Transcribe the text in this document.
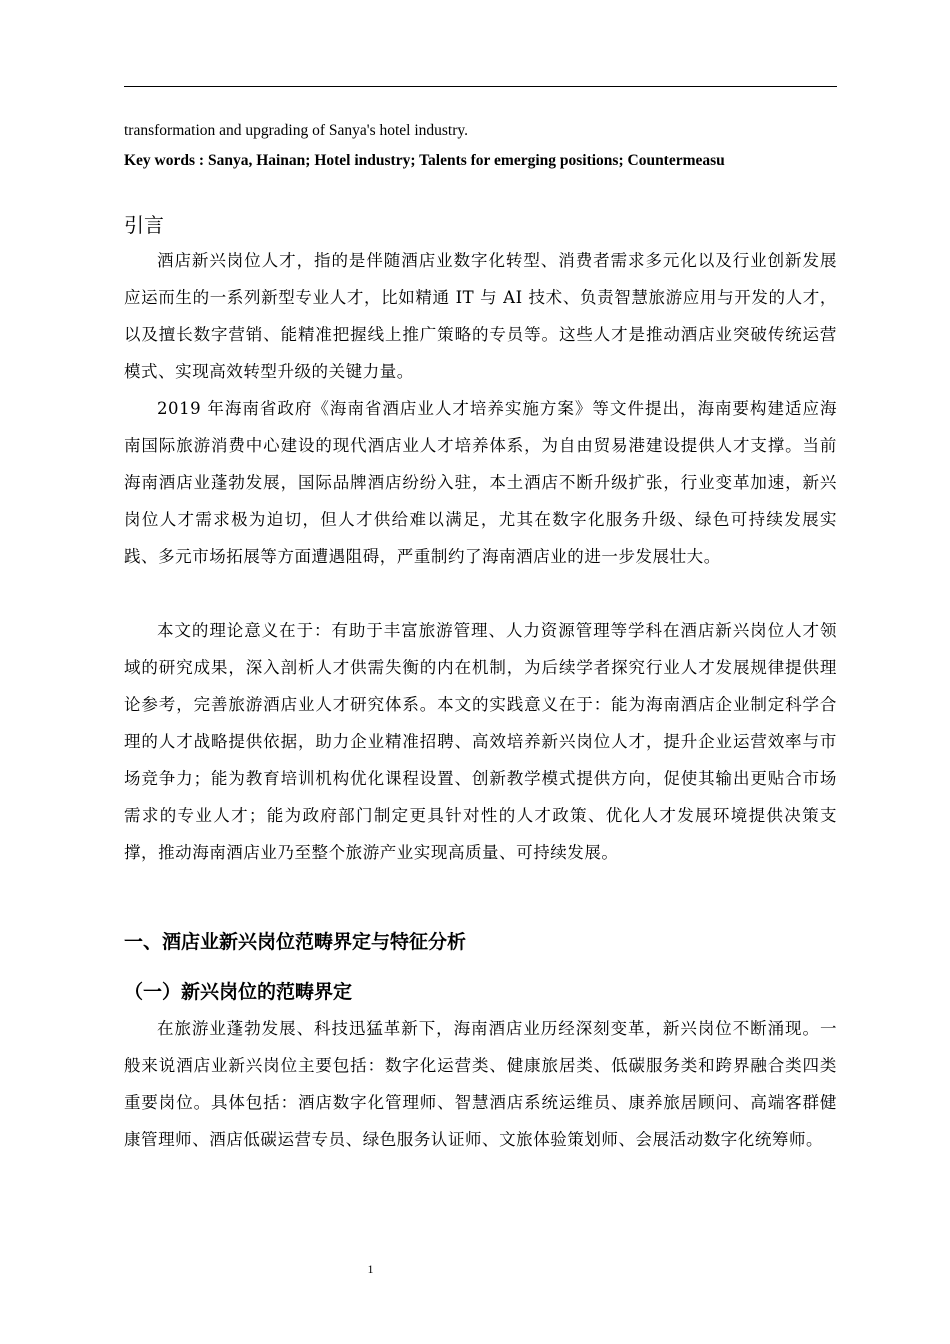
transformation and upgrading of Sanya's hotel industry.
Key words : Sanya, Hainan; Hotel industry; Talents for emerging positions; Countermeasu
引言

酒店新兴岗位人才，指的是伴随酒店业数字化转型、消费者需求多元化以及行业创新发展应运而生的一系列新型专业人才，比如精通 IT 与 AI 技术、负责智慧旅游应用与开发的人才，以及擅长数字营销、能精准把握线上推广策略的专员等。这些人才是推动酒店业突破传统运营模式、实现高效转型升级的关键力量。

2019 年海南省政府《海南省酒店业人才培养实施方案》等文件提出，海南要构建适应海南国际旅游消费中心建设的现代酒店业人才培养体系，为自由贸易港建设提供人才支撑。当前海南酒店业蓬勃发展，国际品牌酒店纷纷入驻，本土酒店不断升级扩张，行业变革加速，新兴岗位人才需求极为迫切，但人才供给难以满足，尤其在数字化服务升级、绿色可持续发展实践、多元市场拓展等方面遭遇阻碍，严重制约了海南酒店业的进一步发展壮大。

本文的理论意义在于：有助于丰富旅游管理、人力资源管理等学科在酒店新兴岗位人才领域的研究成果，深入剖析人才供需失衡的内在机制，为后续学者探究行业人才发展规律提供理论参考，完善旅游酒店业人才研究体系。本文的实践意义在于：能为海南酒店企业制定科学合理的人才战略提供依据，助力企业精准招聘、高效培养新兴岗位人才，提升企业运营效率与市场竞争力；能为教育培训机构优化课程设置、创新教学模式提供方向，促使其输出更贴合市场需求的专业人才；能为政府部门制定更具针对性的人才政策、优化人才发展环境提供决策支撑，推动海南酒店业乃至整个旅游产业实现高质量、可持续发展。

一、酒店业新兴岗位范畴界定与特征分析
（一）新兴岗位的范畴界定

在旅游业蓬勃发展、科技迅猛革新下，海南酒店业历经深刻变革，新兴岗位不断涌现。一般来说酒店业新兴岗位主要包括：数字化运营类、健康旅居类、低碳服务类和跨界融合类四类重要岗位。具体包括：酒店数字化管理师、智慧酒店系统运维员、康养旅居顾问、高端客群健康管理师、酒店低碳运营专员、绿色服务认证师、文旅体验策划师、会展活动数字化统筹师。

1
